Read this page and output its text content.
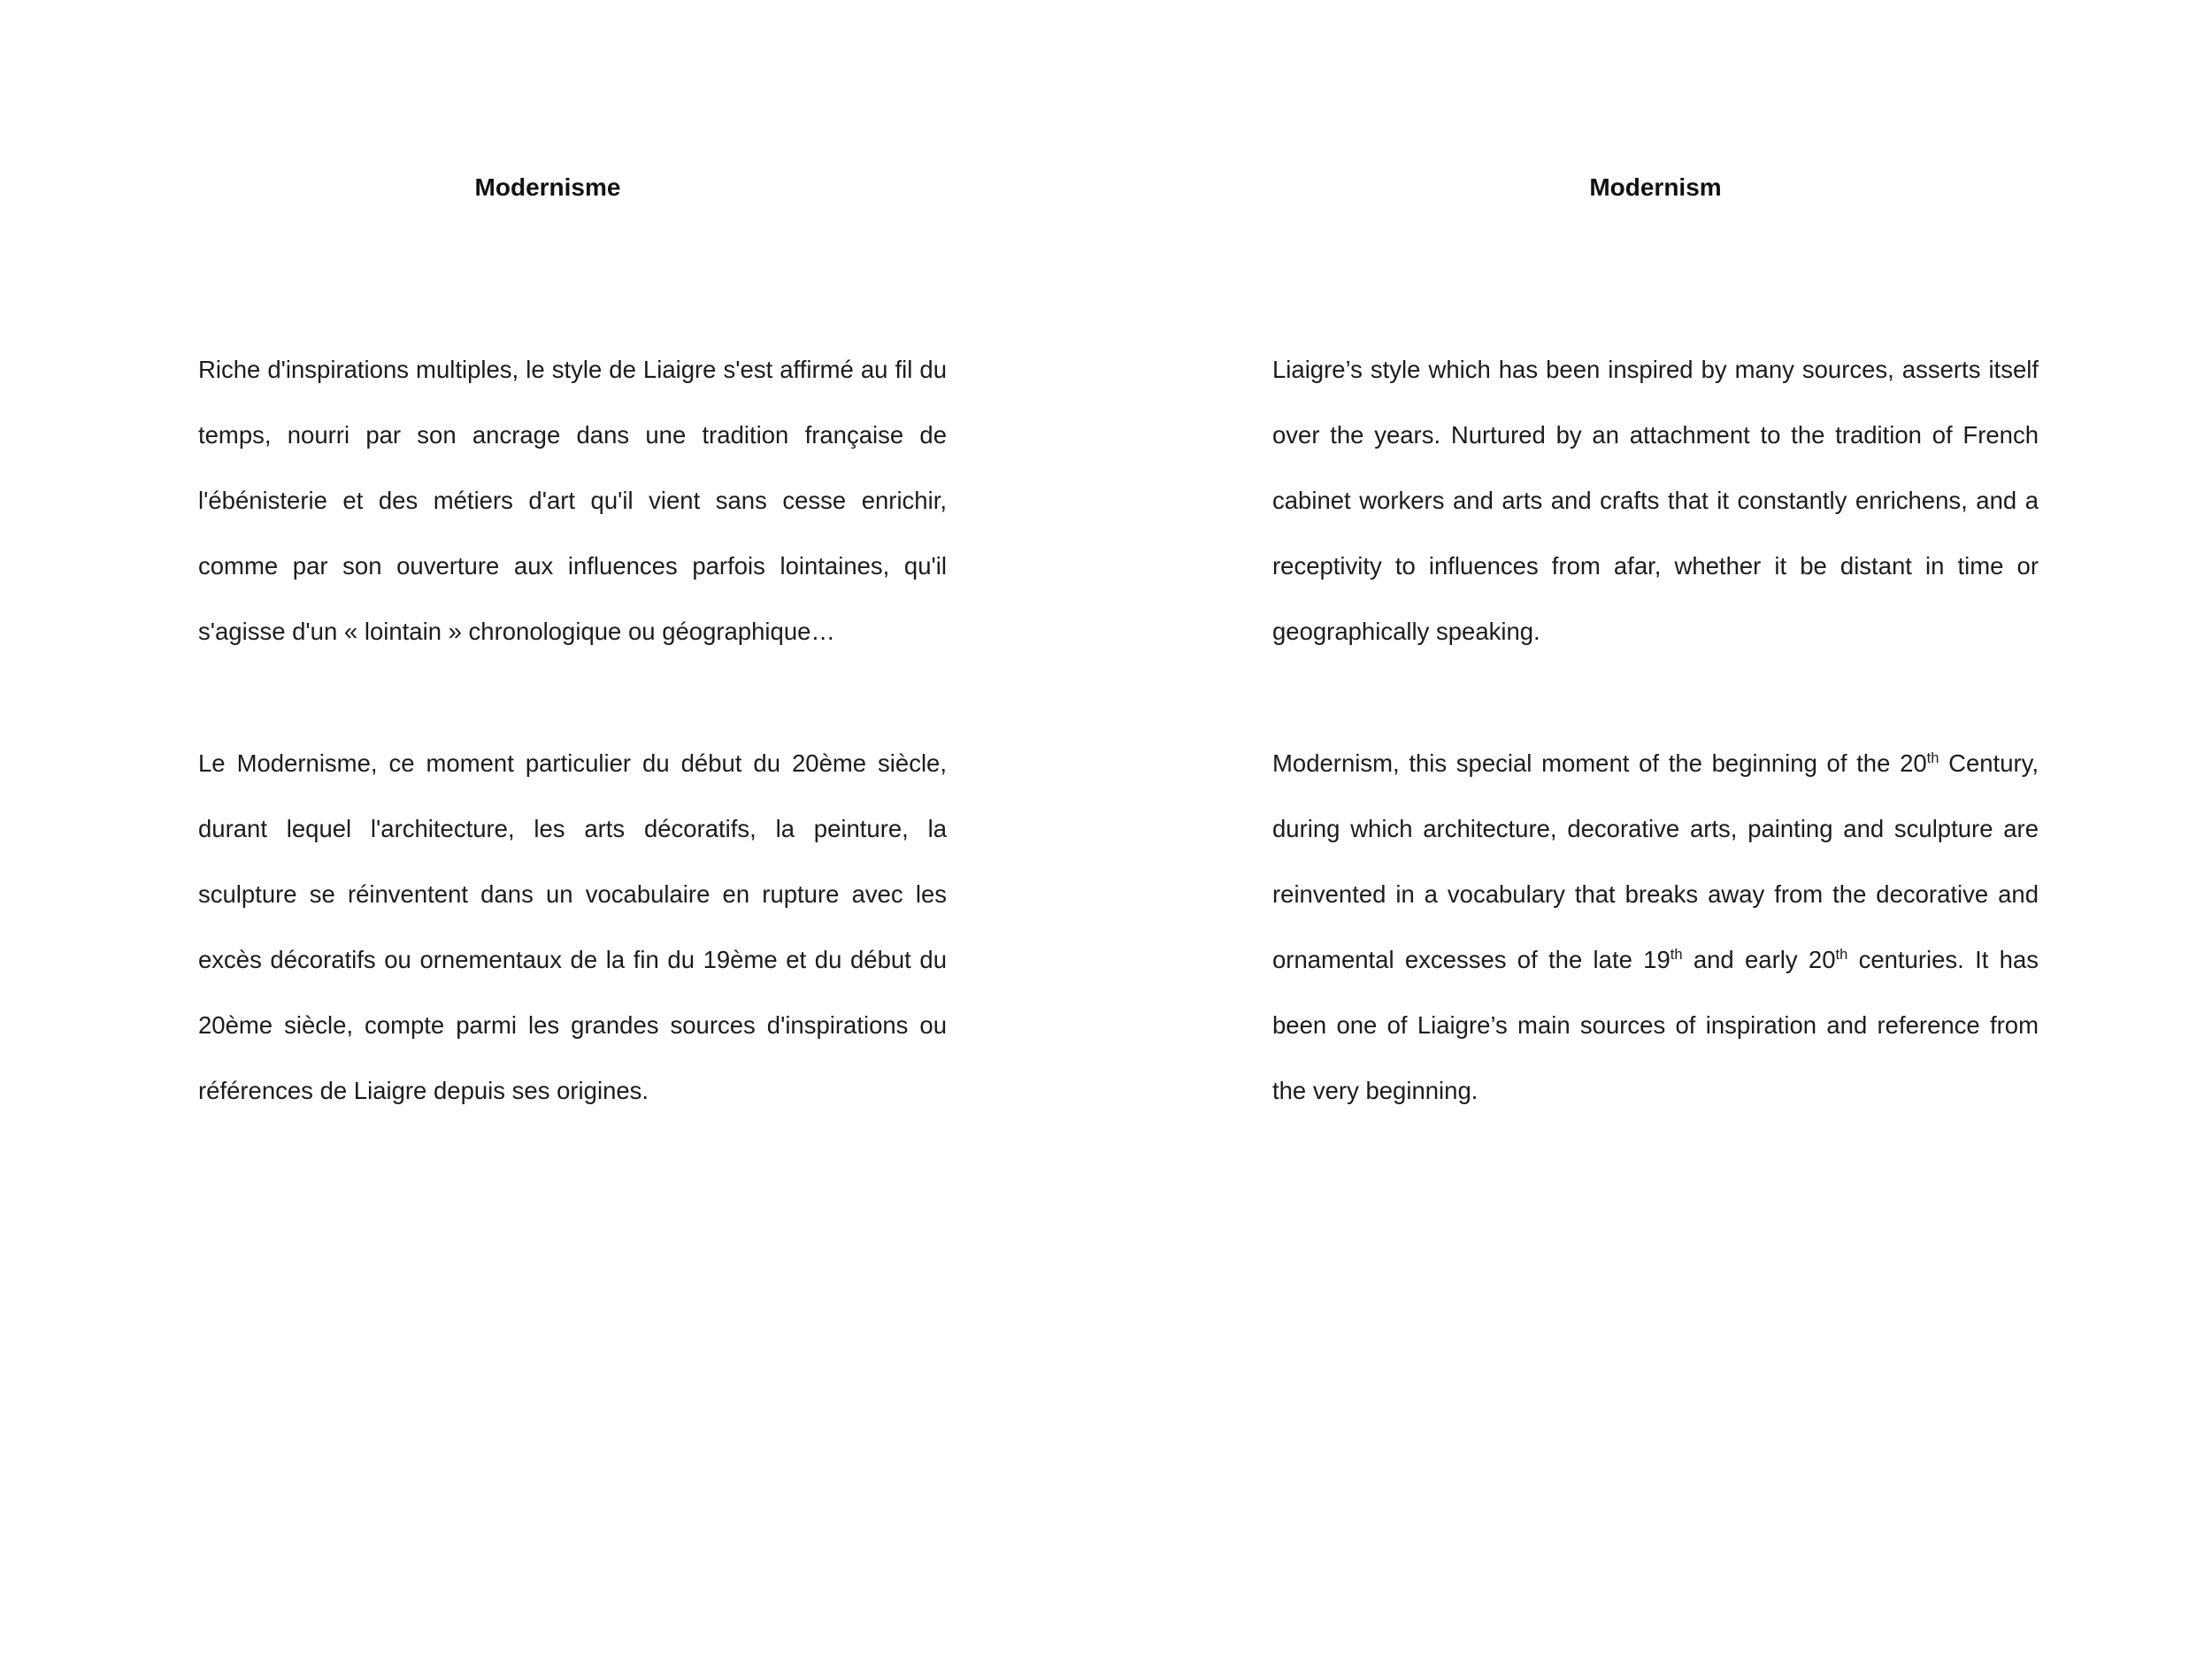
Modernisme

Riche d'inspirations multiples, le style de Liaigre s'est affirmé au fil du temps, nourri par son ancrage dans une tradition française de l'ébénisterie et des métiers d'art qu'il vient sans cesse enrichir, comme par son ouverture aux influences parfois lointaines, qu'il s'agisse d'un « lointain » chronologique ou géographique…

Le Modernisme, ce moment particulier du début du 20ème siècle, durant lequel l'architecture, les arts décoratifs, la peinture, la sculpture se réinventent dans un vocabulaire en rupture avec les excès décoratifs ou ornementaux de la fin du 19ème et du début du 20ème siècle, compte parmi les grandes sources d'inspirations ou références de Liaigre depuis ses origines.

Modernism

Liaigre’s style which has been inspired by many sources, asserts itself over the years. Nurtured by an attachment to the tradition of French cabinet workers and arts and crafts that it constantly enrichens, and a receptivity to influences from afar, whether it be distant in time or geographically speaking.

Modernism, this special moment of the beginning of the 20th Century, during which architecture, decorative arts, painting and sculpture are reinvented in a vocabulary that breaks away from the decorative and ornamental excesses of the late 19th and early 20th centuries. It has been one of Liaigre’s main sources of inspiration and reference from the very beginning.
